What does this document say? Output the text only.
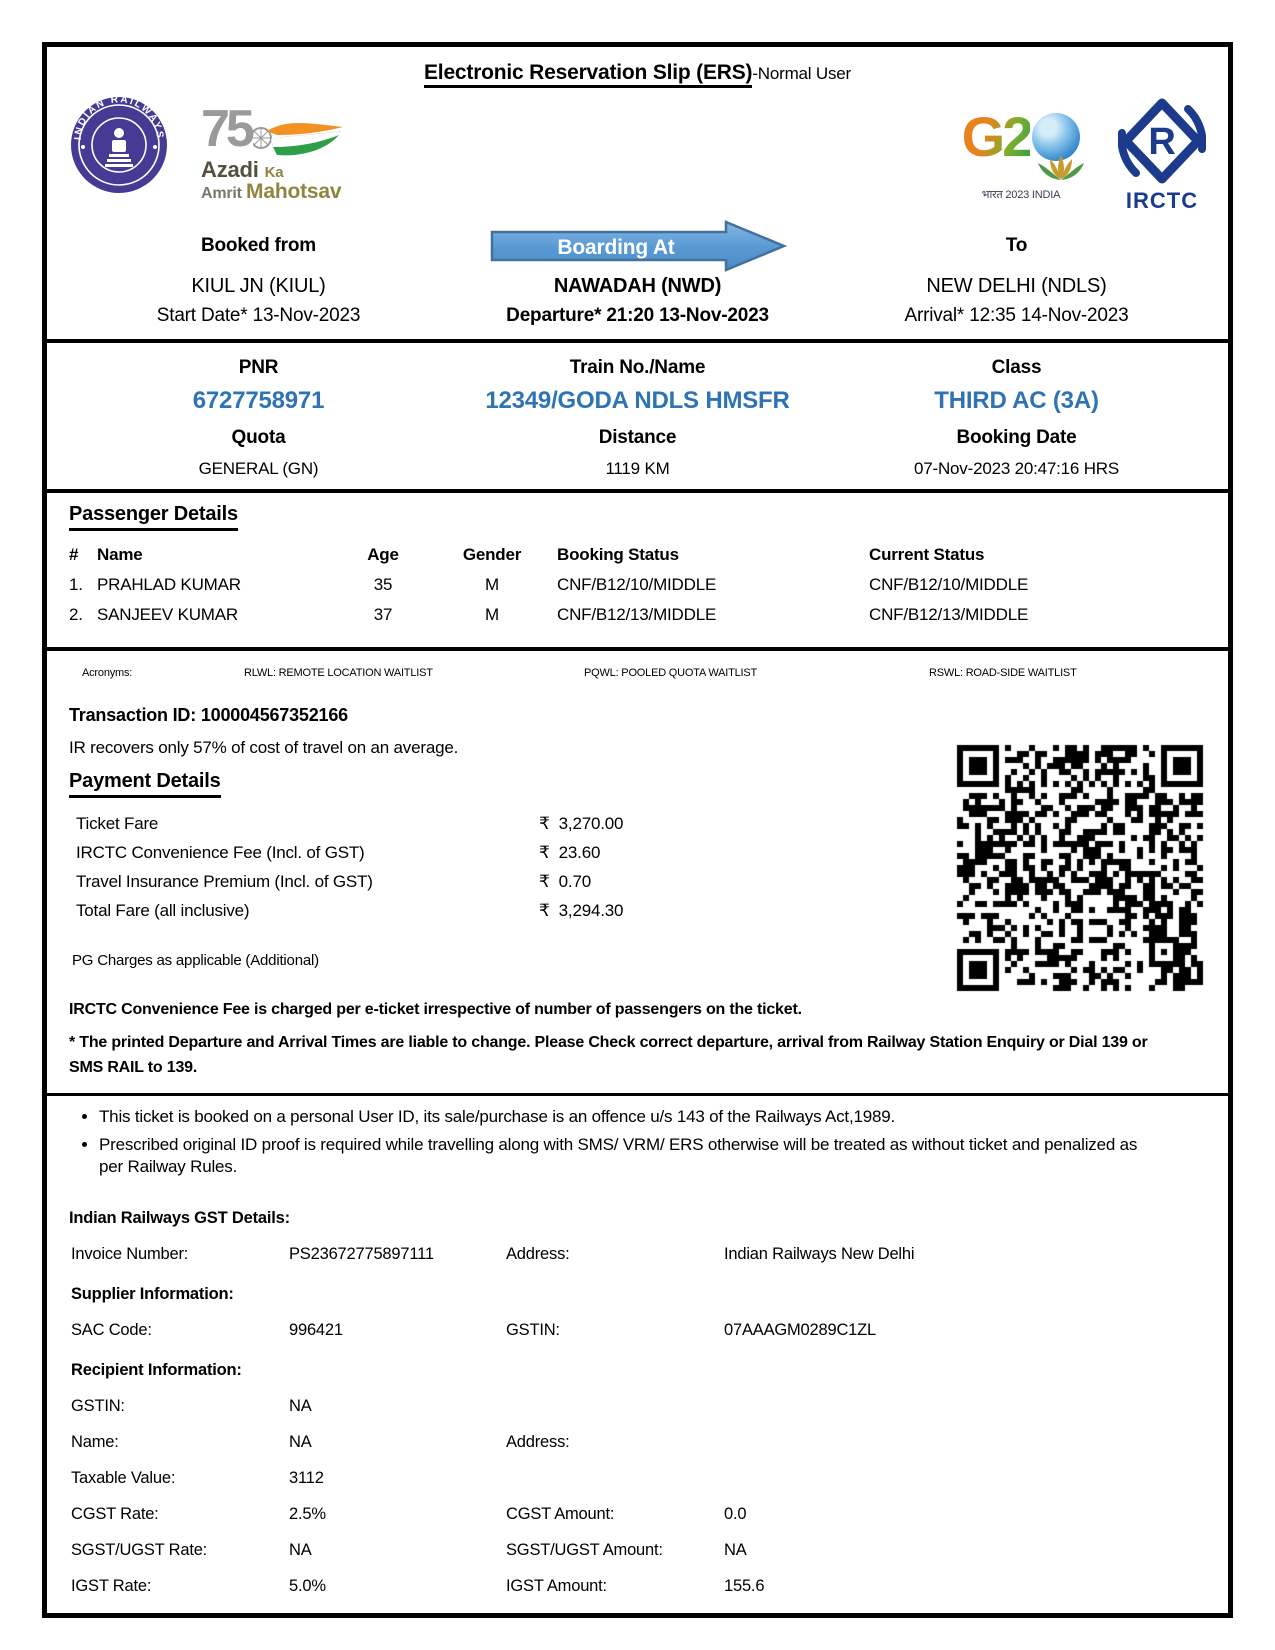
Electronic Reservation Slip (ERS)-Normal User
INDIAN RAILWAYS 75
Azadi Ka
Amrit Mahotsav
G2
भारत 2023 INDIA
R
IRCTC
Booked from
KIUL JN (KIUL)
Start Date* 13-Nov-2023
Boarding At
NAWADAH (NWD)
Departure* 21:20 13-Nov-2023
To
NEW DELHI (NDLS)
Arrival* 12:35 14-Nov-2023
PNR
6727758971
Quota
GENERAL (GN)
Train No./Name
12349/GODA NDLS HMSFR
Distance
1119 KM
Class
THIRD AC (3A)
Booking Date
07-Nov-2023 20:47:16 HRS
Passenger Details
#	Name	Age	Gender	Booking Status	Current Status
1. PRAHLAD KUMAR	35	M	CNF/B12/10/MIDDLE	CNF/B12/10/MIDDLE
2. SANJEEV KUMAR	37	M	CNF/B12/13/MIDDLE	CNF/B12/13/MIDDLE
Acronyms:	RLWL: REMOTE LOCATION WAITLIST	PQWL: POOLED QUOTA WAITLIST	RSWL: ROAD-SIDE WAITLIST
Transaction ID: 100004567352166
IR recovers only 57% of cost of travel on an average.
Payment Details
Ticket Fare	₹ 3,270.00
IRCTC Convenience Fee (Incl. of GST)	₹ 23.60
Travel Insurance Premium (Incl. of GST)	₹ 0.70
Total Fare (all inclusive)	₹ 3,294.30
PG Charges as applicable (Additional)
IRCTC Convenience Fee is charged per e-ticket irrespective of number of passengers on the ticket.
* The printed Departure and Arrival Times are liable to change. Please Check correct departure, arrival from Railway Station Enquiry or Dial 139 or SMS RAIL to 139.
• This ticket is booked on a personal User ID, its sale/purchase is an offence u/s 143 of the Railways Act,1989.
• Prescribed original ID proof is required while travelling along with SMS/ VRM/ ERS otherwise will be treated as without ticket and penalized as per Railway Rules.
Indian Railways GST Details:
Invoice Number:	PS23672775897111	Address:	Indian Railways New Delhi
Supplier Information:
SAC Code:	996421	GSTIN:	07AAAGM0289C1ZL
Recipient Information:
GSTIN:	NA
Name:	NA	Address:
Taxable Value:	3112
CGST Rate:	2.5%	CGST Amount:	0.0
SGST/UGST Rate:	NA	SGST/UGST Amount:	NA
IGST Rate:	5.0%	IGST Amount:	155.6
